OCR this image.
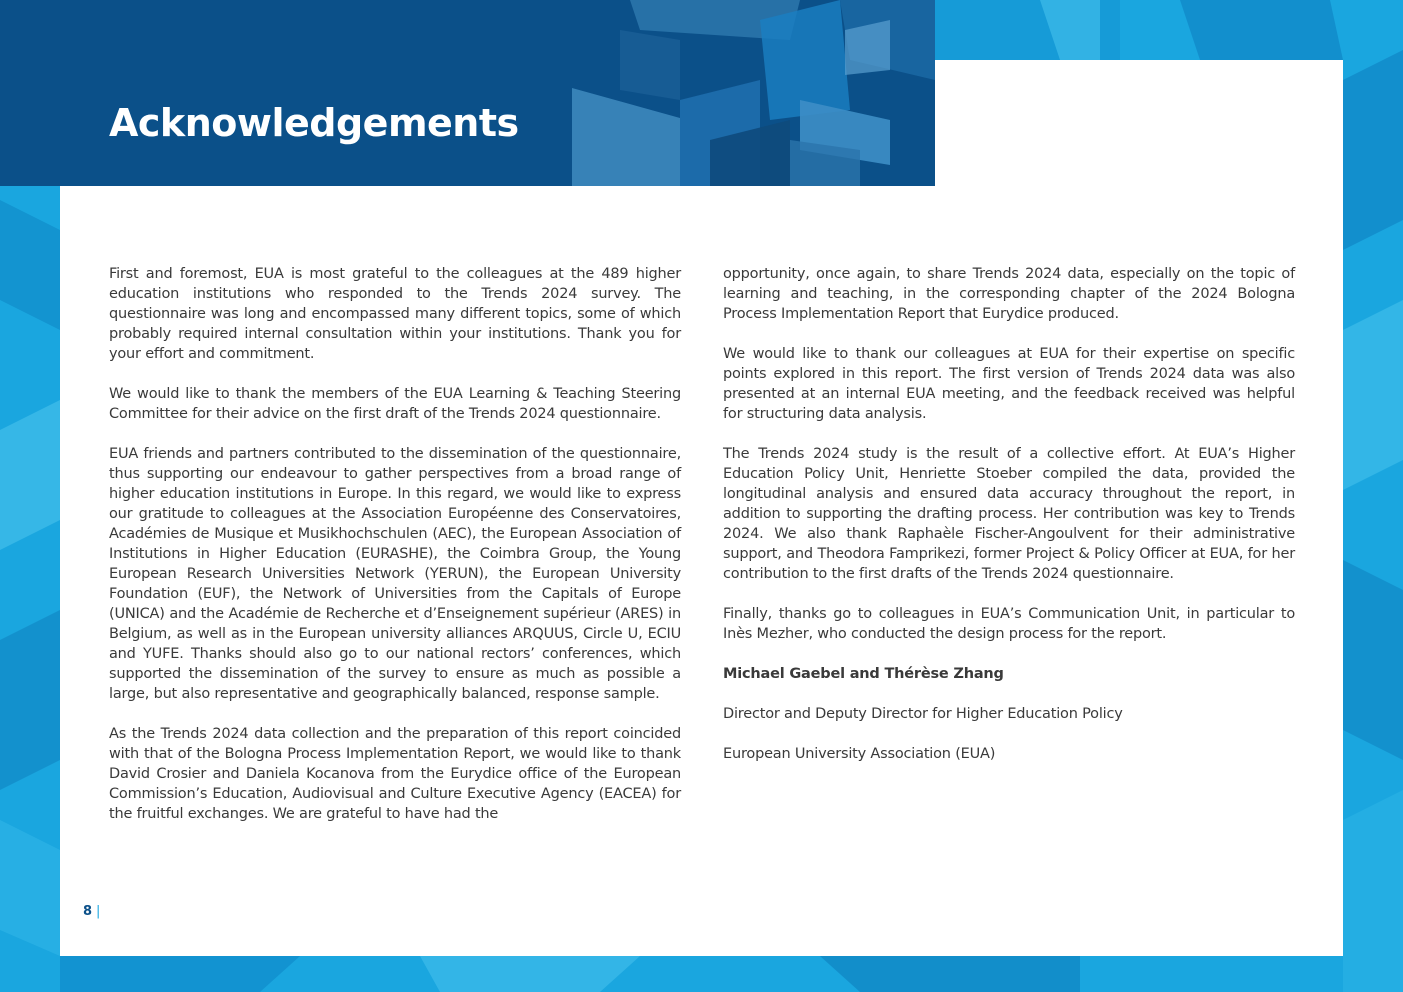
Acknowledgements

First and foremost, EUA is most grateful to the colleagues at the 489 higher education institutions who responded to the Trends 2024 survey. The questionnaire was long and encompassed many different topics, some of which probably required internal consultation within your institutions. Thank you for your effort and commitment.

We would like to thank the members of the EUA Learning & Teaching Steering Committee for their advice on the first draft of the Trends 2024 questionnaire.

EUA friends and partners contributed to the dissemination of the questionnaire, thus supporting our endeavour to gather perspectives from a broad range of higher education institutions in Europe. In this regard, we would like to express our gratitude to colleagues at the Association Européenne des Conservatoires, Académies de Musique et Musikhochschulen (AEC), the European Association of Institutions in Higher Education (EURASHE), the Coimbra Group, the Young European Research Universities Network (YERUN), the European University Foundation (EUF), the Network of Universities from the Capitals of Europe (UNICA) and the Académie de Recherche et d’Enseignement supérieur (ARES) in Belgium, as well as in the European university alliances ARQUUS, Circle U, ECIU and YUFE. Thanks should also go to our national rectors’ conferences, which supported the dissemination of the survey to ensure as much as possible a large, but also representative and geographically balanced, response sample.

As the Trends 2024 data collection and the preparation of this report coincided with that of the Bologna Process Implementation Report, we would like to thank David Crosier and Daniela Kocanova from the Eurydice office of the European Commission’s Education, Audiovisual and Culture Executive Agency (EACEA) for the fruitful exchanges. We are grateful to have had the

opportunity, once again, to share Trends 2024 data, especially on the topic of learning and teaching, in the corresponding chapter of the 2024 Bologna Process Implementation Report that Eurydice produced.

We would like to thank our colleagues at EUA for their expertise on specific points explored in this report. The first version of Trends 2024 data was also presented at an internal EUA meeting, and the feedback received was helpful for structuring data analysis.

The Trends 2024 study is the result of a collective effort. At EUA’s Higher Education Policy Unit, Henriette Stoeber compiled the data, provided the longitudinal analysis and ensured data accuracy throughout the report, in addition to supporting the drafting process. Her contribution was key to Trends 2024. We also thank Raphaèle Fischer-Angoulvent for their administrative support, and Theodora Famprikezi, former Project & Policy Officer at EUA, for her contribution to the first drafts of the Trends 2024 questionnaire.

Finally, thanks go to colleagues in EUA’s Communication Unit, in particular to Inès Mezher, who conducted the design process for the report.

Michael Gaebel and Thérèse Zhang

Director and Deputy Director for Higher Education Policy

European University Association (EUA)

8 |
